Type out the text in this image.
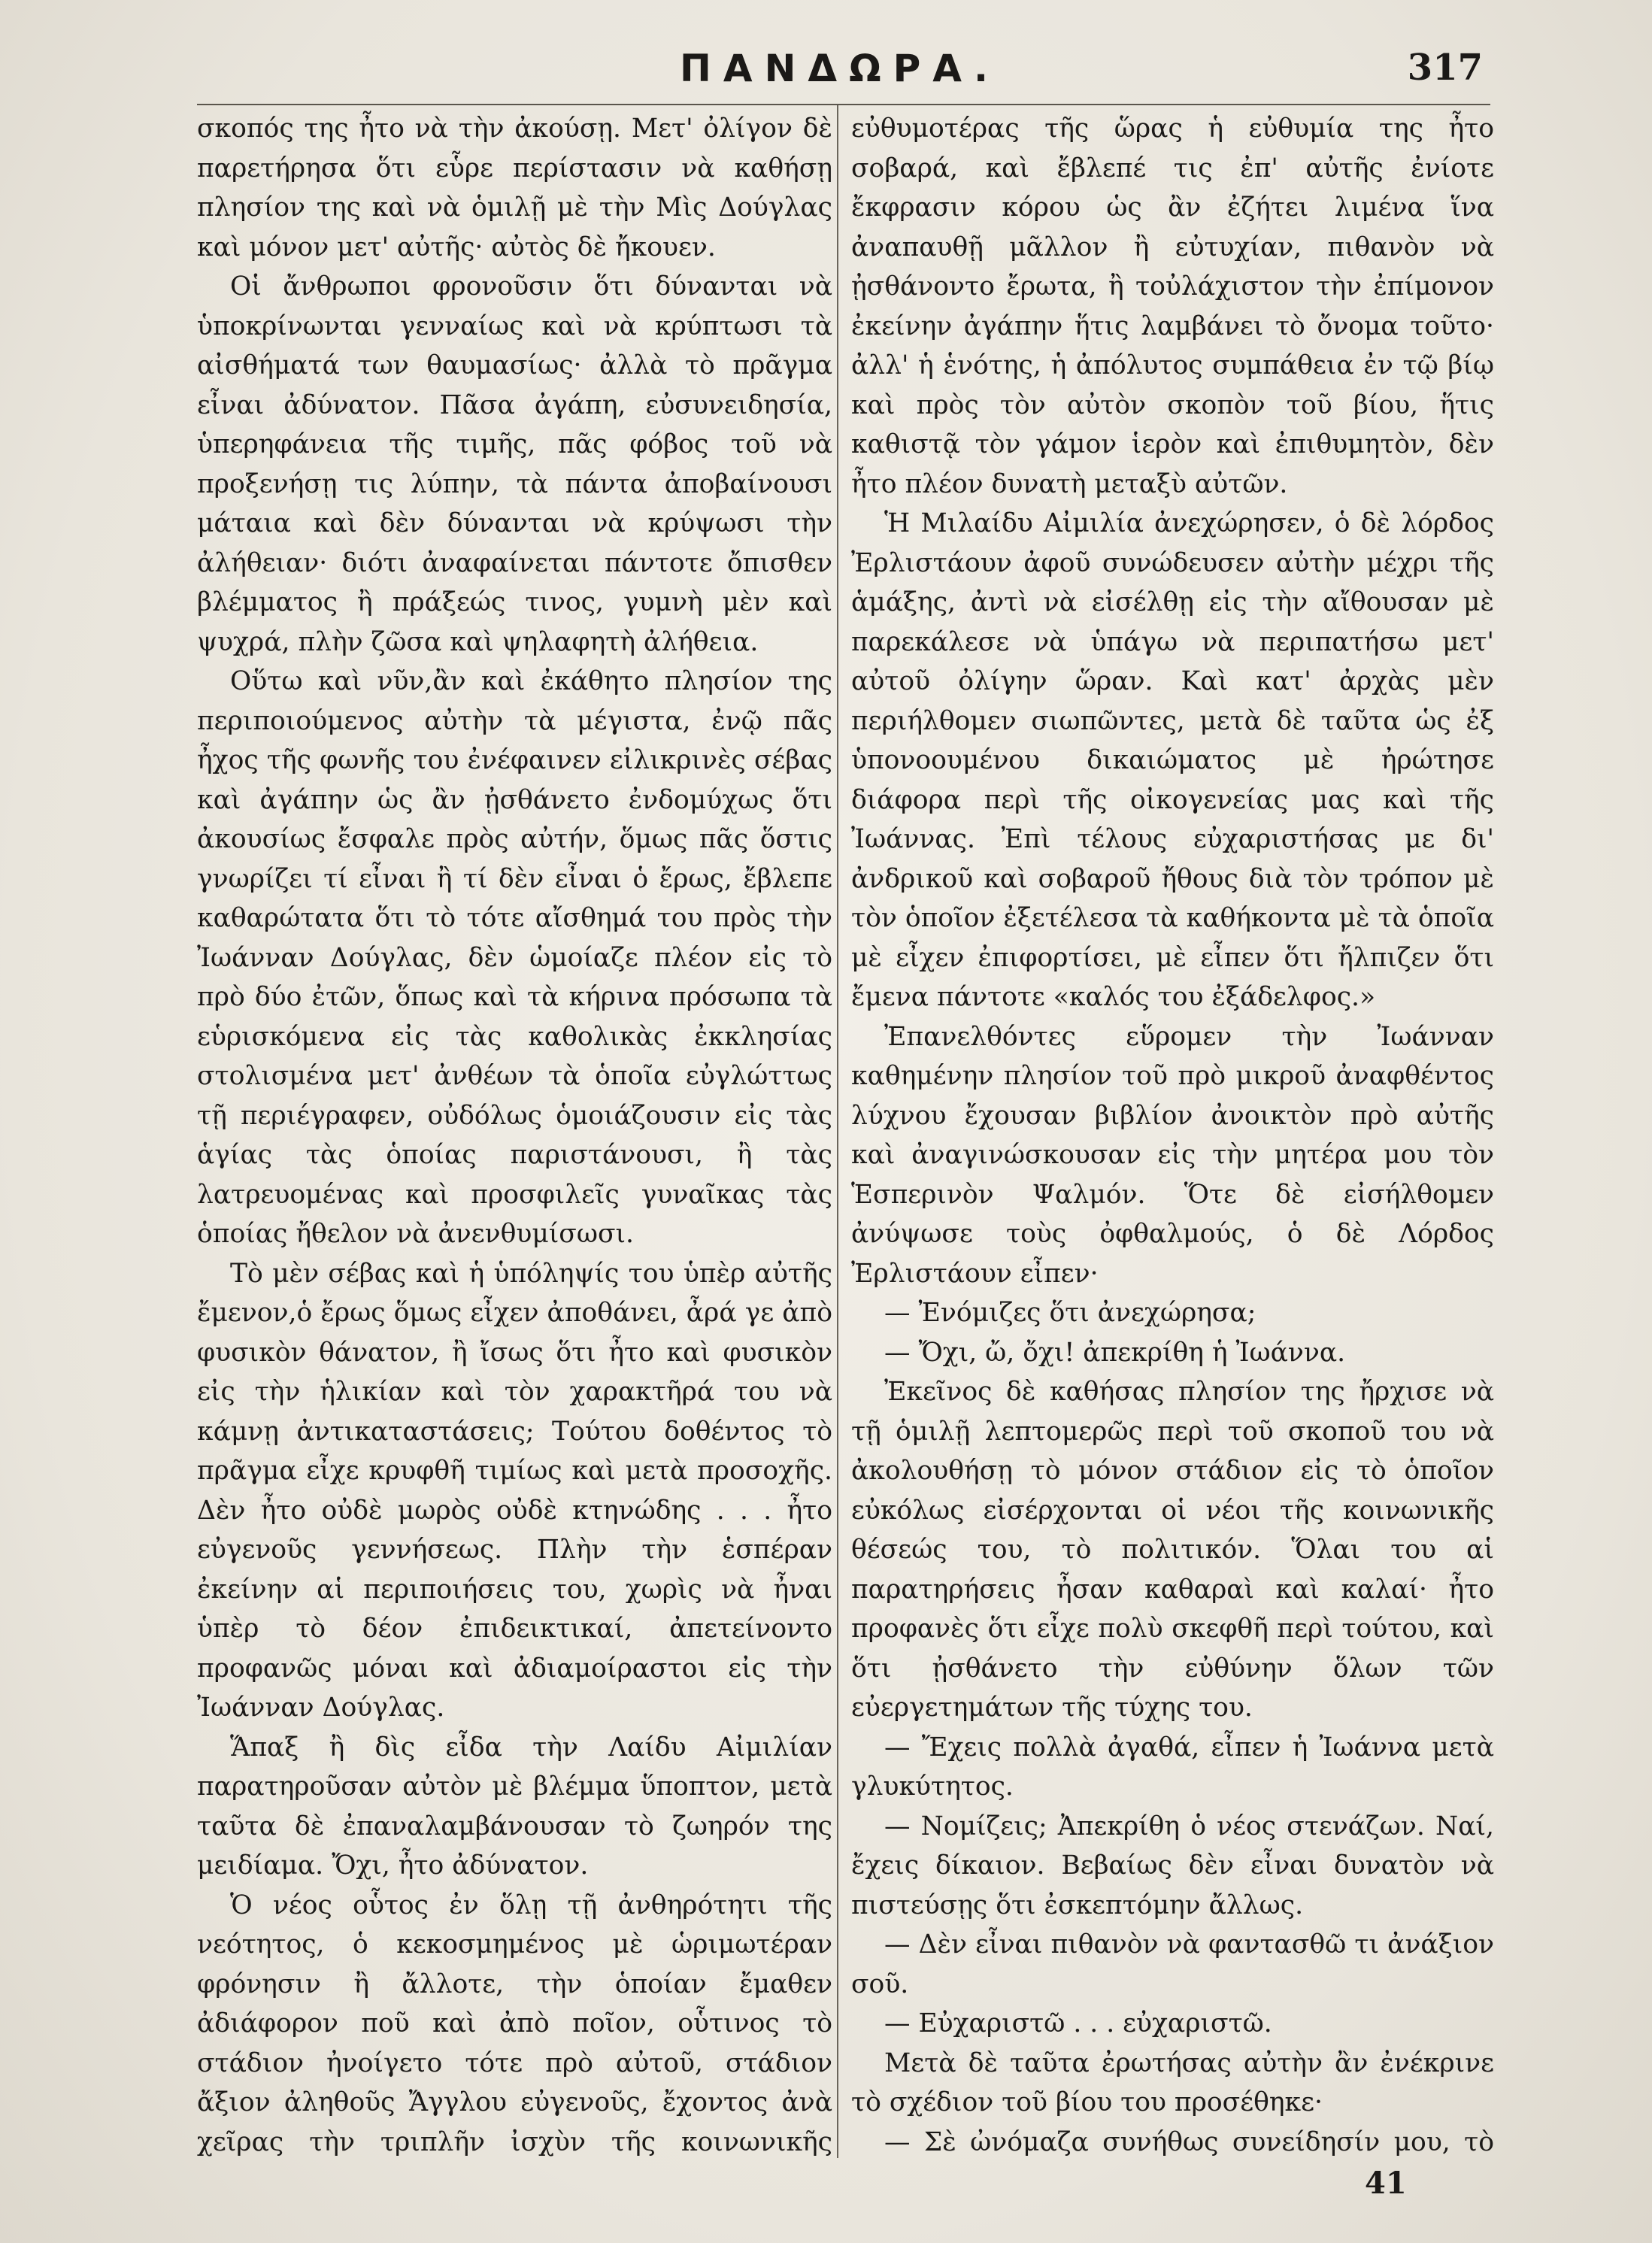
ΠΑΝΔΩΡΑ.	317

σκοπός της ἦτο νὰ τὴν ἀκούσῃ. Μετ' ὀλίγον δὲ παρετήρησα ὅτι εὗρε περίστασιν νὰ καθήσῃ πλησίον της καὶ νὰ ὁμιλῇ μὲ τὴν Μὶς Δούγλας καὶ μόνον μετ' αὐτῆς· αὐτὸς δὲ ἤκουεν.

Οἱ ἄνθρωποι φρονοῦσιν ὅτι δύνανται νὰ ὑποκρίνωνται γενναίως καὶ νὰ κρύπτωσι τὰ αἰσθήματά των θαυμασίως· ἀλλὰ τὸ πρᾶγμα εἶναι ἀδύνατον. Πᾶσα ἀγάπη, εὐσυνειδησία, ὑπερηφάνεια τῆς τιμῆς, πᾶς φόβος τοῦ νὰ προξενήσῃ τις λύπην, τὰ πάντα ἀποβαίνουσι μάταια καὶ δὲν δύνανται νὰ κρύψωσι τὴν ἀλήθειαν· διότι ἀναφαίνεται πάντοτε ὄπισθεν βλέμματος ἢ πράξεώς τινος, γυμνὴ μὲν καὶ ψυχρά, πλὴν ζῶσα καὶ ψηλαφητὴ ἀλήθεια.

Οὕτω καὶ νῦν,ἂν καὶ ἐκάθητο πλησίον της περιποιούμενος αὐτὴν τὰ μέγιστα, ἐνῷ πᾶς ἦχος τῆς φωνῆς του ἐνέφαινεν εἰλικρινὲς σέβας καὶ ἀγάπην ὡς ἂν ᾐσθάνετο ἐνδομύχως ὅτι ἀκουσίως ἔσφαλε πρὸς αὐτήν, ὅμως πᾶς ὅστις γνωρίζει τί εἶναι ἢ τί δὲν εἶναι ὁ ἔρως, ἔβλεπε καθαρώτατα ὅτι τὸ τότε αἴσθημά του πρὸς τὴν Ἰωάνναν Δούγλας, δὲν ὡμοίαζε πλέον εἰς τὸ πρὸ δύο ἐτῶν, ὅπως καὶ τὰ κήρινα πρόσωπα τὰ εὑρισκόμενα εἰς τὰς καθολικὰς ἐκκλησίας στολισμένα μετ' ἀνθέων τὰ ὁποῖα εὐγλώττως τῇ περιέγραφεν, οὐδόλως ὁμοιάζουσιν εἰς τὰς ἁγίας τὰς ὁποίας παριστάνουσι, ἢ τὰς λατρευομένας καὶ προσφιλεῖς γυναῖκας τὰς ὁποίας ἤθελον νὰ ἀνενθυμίσωσι.

Τὸ μὲν σέβας καὶ ἡ ὑπόληψίς του ὑπὲρ αὐτῆς ἔμενον,ὁ ἔρως ὅμως εἶχεν ἀποθάνει, ἆρά γε ἀπὸ φυσικὸν θάνατον, ἢ ἴσως ὅτι ἦτο καὶ φυσικὸν εἰς τὴν ἡλικίαν καὶ τὸν χαρακτῆρά του νὰ κάμνῃ ἀντικαταστάσεις; Τούτου δοθέντος τὸ πρᾶγμα εἶχε κρυφθῆ τιμίως καὶ μετὰ προσοχῆς. Δὲν ἦτο οὐδὲ μωρὸς οὐδὲ κτηνώδης . . . ἦτο εὐγενοῦς γεννήσεως. Πλὴν τὴν ἑσπέραν ἐκείνην αἱ περιποιήσεις του, χωρὶς νὰ ἦναι ὑπὲρ τὸ δέον ἐπιδεικτικαί, ἀπετείνοντο προφανῶς μόναι καὶ ἀδιαμοίραστοι εἰς τὴν Ἰωάνναν Δούγλας.

Ἅπαξ ἢ δὶς εἶδα τὴν Λαίδυ Αἰμιλίαν παρατηροῦσαν αὐτὸν μὲ βλέμμα ὕποπτον, μετὰ ταῦτα δὲ ἐπαναλαμβάνουσαν τὸ ζωηρόν της μειδίαμα. Ὄχι, ἦτο ἀδύνατον.

Ὁ νέος οὗτος ἐν ὅλῃ τῇ ἀνθηρότητι τῆς νεότητος, ὁ κεκοσμημένος μὲ ὡριμωτέραν φρόνησιν ἢ ἄλλοτε, τὴν ὁποίαν ἔμαθεν ἀδιάφορον ποῦ καὶ ἀπὸ ποῖον, οὗτινος τὸ στάδιον ἠνοίγετο τότε πρὸ αὐτοῦ, στάδιον ἄξιον ἀληθοῦς Ἄγγλου εὐγενοῦς, ἔχοντος ἀνὰ χεῖρας τὴν τριπλῆν ἰσχὺν τῆς κοινωνικῆς

εὐθυμοτέρας τῆς ὥρας ἡ εὐθυμία της ἦτο σοβαρά, καὶ ἔβλεπέ τις ἐπ' αὐτῆς ἐνίοτε ἔκφρασιν κόρου ὡς ἂν ἐζήτει λιμένα ἵνα ἀναπαυθῇ μᾶλλον ἢ εὐτυχίαν, πιθανὸν νὰ ᾐσθάνοντο ἔρωτα, ἢ τοὐλάχιστον τὴν ἐπίμονον ἐκείνην ἀγάπην ἥτις λαμβάνει τὸ ὄνομα τοῦτο· ἀλλ' ἡ ἑνότης, ἡ ἀπόλυτος συμπάθεια ἐν τῷ βίῳ καὶ πρὸς τὸν αὐτὸν σκοπὸν τοῦ βίου, ἥτις καθιστᾷ τὸν γάμον ἱερὸν καὶ ἐπιθυμητὸν, δὲν ἦτο πλέον δυνατὴ μεταξὺ αὐτῶν.

Ἡ Μιλαίδυ Αἰμιλία ἀνεχώρησεν, ὁ δὲ λόρδος Ἐρλιστάουν ἀφοῦ συνώδευσεν αὐτὴν μέχρι τῆς ἁμάξης, ἀντὶ νὰ εἰσέλθῃ εἰς τὴν αἴθουσαν μὲ παρεκάλεσε νὰ ὑπάγω νὰ περιπατήσω μετ' αὐτοῦ ὀλίγην ὥραν. Καὶ κατ' ἀρχὰς μὲν περιήλθομεν σιωπῶντες, μετὰ δὲ ταῦτα ὡς ἐξ ὑπονοουμένου δικαιώματος μὲ ἠρώτησε διάφορα περὶ τῆς οἰκογενείας μας καὶ τῆς Ἰωάννας. Ἐπὶ τέλους εὐχαριστήσας με δι' ἀνδρικοῦ καὶ σοβαροῦ ἤθους διὰ τὸν τρόπον μὲ τὸν ὁποῖον ἐξετέλεσα τὰ καθήκοντα μὲ τὰ ὁποῖα μὲ εἶχεν ἐπιφορτίσει, μὲ εἶπεν ὅτι ἤλπιζεν ὅτι ἔμενα πάντοτε «καλός του ἐξάδελφος.»

Ἐπανελθόντες εὕρομεν τὴν Ἰωάνναν καθημένην πλησίον τοῦ πρὸ μικροῦ ἀναφθέντος λύχνου ἔχουσαν βιβλίον ἀνοικτὸν πρὸ αὐτῆς καὶ ἀναγινώσκουσαν εἰς τὴν μητέρα μου τὸν Ἑσπερινὸν Ψαλμόν. Ὅτε δὲ εἰσήλθομεν ἀνύψωσε τοὺς ὀφθαλμούς, ὁ δὲ Λόρδος Ἐρλιστάουν εἶπεν·

— Ἐνόμιζες ὅτι ἀνεχώρησα;

— Ὄχι, ὤ, ὄχι! ἀπεκρίθη ἡ Ἰωάννα.

Ἐκεῖνος δὲ καθήσας πλησίον της ἤρχισε νὰ τῇ ὁμιλῇ λεπτομερῶς περὶ τοῦ σκοποῦ του νὰ ἀκολουθήσῃ τὸ μόνον στάδιον εἰς τὸ ὁποῖον εὐκόλως εἰσέρχονται οἱ νέοι τῆς κοινωνικῆς θέσεώς του, τὸ πολιτικόν. Ὅλαι του αἱ παρατηρήσεις ἦσαν καθαραὶ καὶ καλαί· ἦτο προφανὲς ὅτι εἶχε πολὺ σκεφθῆ περὶ τούτου, καὶ ὅτι ᾐσθάνετο τὴν εὐθύνην ὅλων τῶν εὐεργετημάτων τῆς τύχης του.

— Ἔχεις πολλὰ ἀγαθά, εἶπεν ἡ Ἰωάννα μετὰ γλυκύτητος.

— Νομίζεις; Ἀπεκρίθη ὁ νέος στενάζων. Ναί, ἔχεις δίκαιον. Βεβαίως δὲν εἶναι δυνατὸν νὰ πιστεύσῃς ὅτι ἐσκεπτόμην ἄλλως.

— Δὲν εἶναι πιθανὸν νὰ φαντασθῶ τι ἀνάξιον σοῦ.

— Εὐχαριστῶ . . . εὐχαριστῶ.

Μετὰ δὲ ταῦτα ἐρωτήσας αὐτὴν ἂν ἐνέκρινε τὸ σχέδιον τοῦ βίου του προσέθηκε·

— Σὲ ὠνόμαζα συνήθως συνείδησίν μου, τὸ

41
